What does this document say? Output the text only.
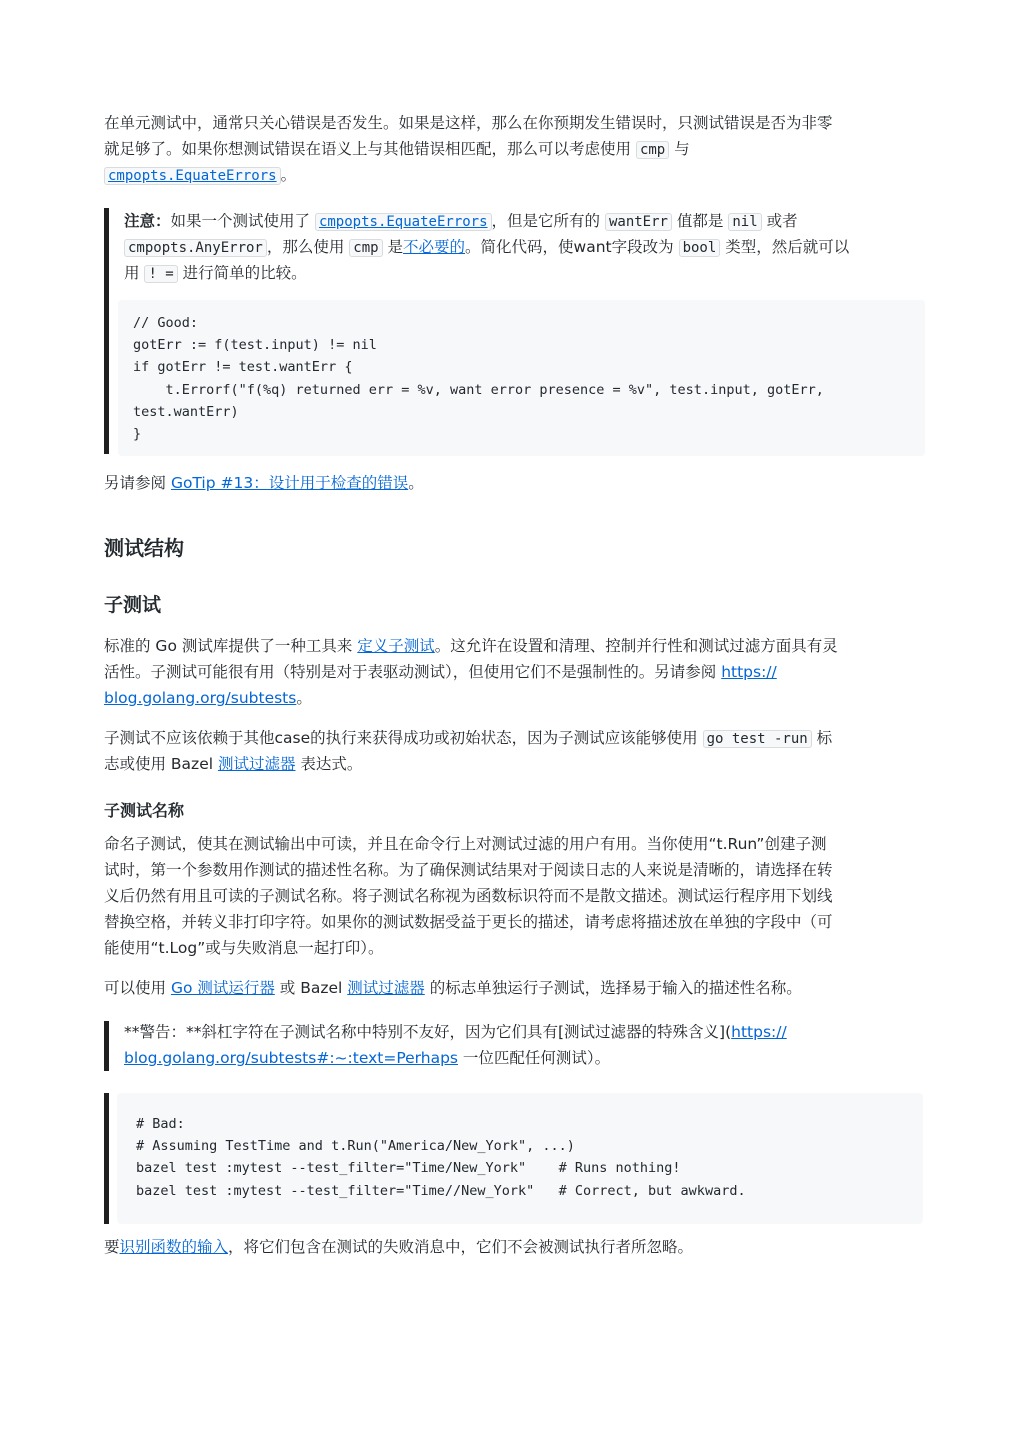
在单元测试中，通常只关心错误是否发生。如果是这样，那么在你预期发生错误时，只测试错误是否为非零
就足够了。如果你想测试错误在语义上与其他错误相匹配，那么可以考虑使用 cmp 与
cmpopts.EquateErrors 。
注意：如果一个测试使用了 cmpopts.EquateErrors ，但是它所有的 wantErr 值都是 nil 或者
cmpopts.AnyError ，那么使用 cmp 是不必要的。简化代码，使want字段改为 bool 类型，然后就可以
用 ! = 进行简单的比较。
// Good:
gotErr := f(test.input) != nil
if gotErr != test.wantErr {
t.Errorf("f(%q) returned err = %v, want error presence = %v", test.input, gotErr,
test.wantErr)
}
另请参阅 GoTip #13：设计用于检查的错误。
测试结构
子测试
标准的 Go 测试库提供了一种工具来 定义子测试。这允许在设置和清理、控制并行性和测试过滤方面具有灵
活性。子测试可能很有用（特别是对于表驱动测试），但使用它们不是强制性的。另请参阅 https://
blog.golang.org/subtests。
子测试不应该依赖于其他case的执行来获得成功或初始状态，因为子测试应该能够使用 go test -run 标
志或使用 Bazel 测试过滤器 表达式。
子测试名称
命名子测试，使其在测试输出中可读，并且在命令行上对测试过滤的用户有用。当你使用“t.Run”创建子测
试时，第一个参数用作测试的描述性名称。为了确保测试结果对于阅读日志的人来说是清晰的，请选择在转
义后仍然有用且可读的子测试名称。将子测试名称视为函数标识符而不是散文描述。测试运行程序用下划线
替换空格，并转义非打印字符。如果你的测试数据受益于更长的描述，请考虑将描述放在单独的字段中（可
能使用“t.Log”或与失败消息一起打印）。
可以使用 Go 测试运行器 或 Bazel 测试过滤器 的标志单独运行子测试，选择易于输入的描述性名称。
**警告：**斜杠字符在子测试名称中特别不友好，因为它们具有[测试过滤器的特殊含义](https://
blog.golang.org/subtests#:~:text=Perhaps 一位匹配任何测试）。
# Bad:
# Assuming TestTime and t.Run("America/New_York", ...)
bazel test :mytest --test_filter="Time/New_York"    # Runs nothing!
bazel test :mytest --test_filter="Time//New_York"   # Correct, but awkward.
要识别函数的输入，将它们包含在测试的失败消息中，它们不会被测试执行者所忽略。
